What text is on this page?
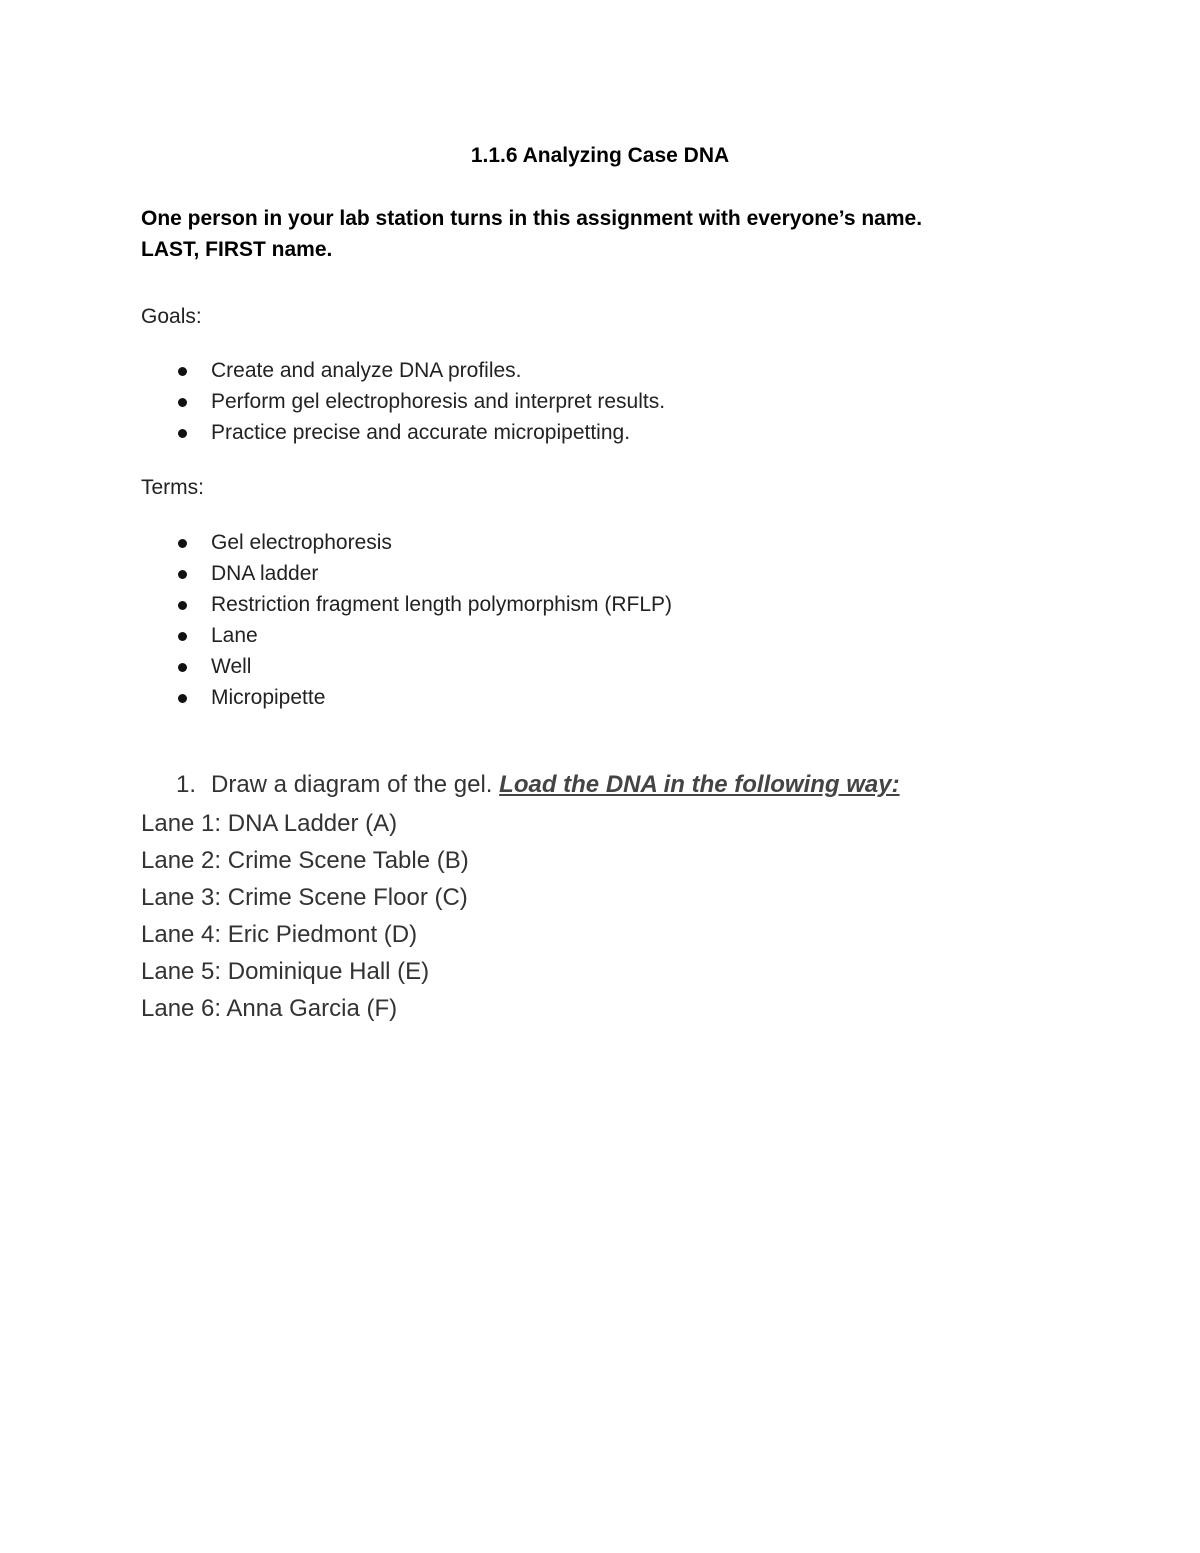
1.1.6 Analyzing Case DNA
One person in your lab station turns in this assignment with everyone’s name.
LAST, FIRST name.
Goals:
Create and analyze DNA profiles.
Perform gel electrophoresis and interpret results.
Practice precise and accurate micropipetting.
Terms:
Gel electrophoresis
DNA ladder
Restriction fragment length polymorphism (RFLP)
Lane
Well
Micropipette
1. Draw a diagram of the gel. Load the DNA in the following way:
Lane 1: DNA Ladder (A)
Lane 2: Crime Scene Table (B)
Lane 3: Crime Scene Floor (C)
Lane 4: Eric Piedmont (D)
Lane 5: Dominique Hall (E)
Lane 6: Anna Garcia (F)
